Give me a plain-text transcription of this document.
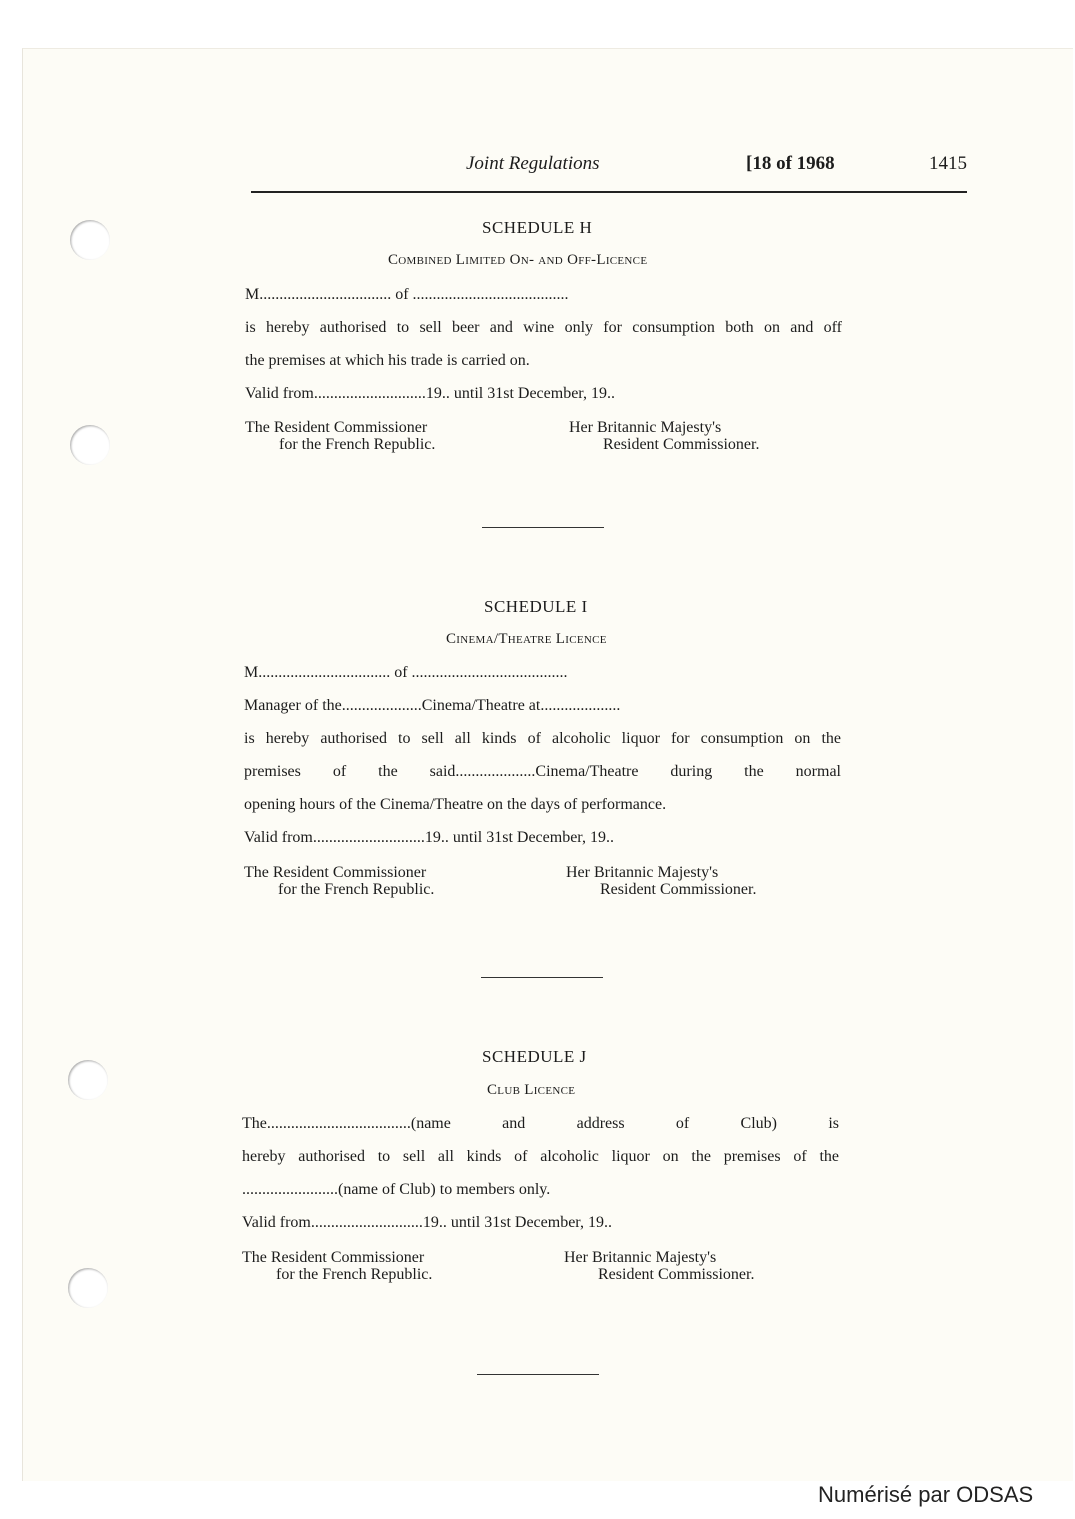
Joint Regulations	[18 of 1968	1415
SCHEDULE H
Combined Limited On- and Off-Licence
M................................. of .......................................
is hereby authorised to sell beer and wine only for consumption both on and off
the premises at which his trade is carried on.
Valid from............................19.. until 31st December, 19..
The Resident Commissioner
for the French Republic.
Her Britannic Majesty's
Resident Commissioner.
SCHEDULE I
Cinema/Theatre Licence
M................................. of .......................................
Manager of the....................Cinema/Theatre at....................
is hereby authorised to sell all kinds of alcoholic liquor for consumption on the
premises of the said....................Cinema/Theatre during the normal
opening hours of the Cinema/Theatre on the days of performance.
Valid from............................19.. until 31st December, 19..
The Resident Commissioner
for the French Republic.
Her Britannic Majesty's
Resident Commissioner.
SCHEDULE J
Club Licence
The....................................(name and address of Club) is
hereby authorised to sell all kinds of alcoholic liquor on the premises of the
........................(name of Club) to members only.
Valid from............................19.. until 31st December, 19..
The Resident Commissioner
for the French Republic.
Her Britannic Majesty's
Resident Commissioner.
Numérisé par ODSAS
